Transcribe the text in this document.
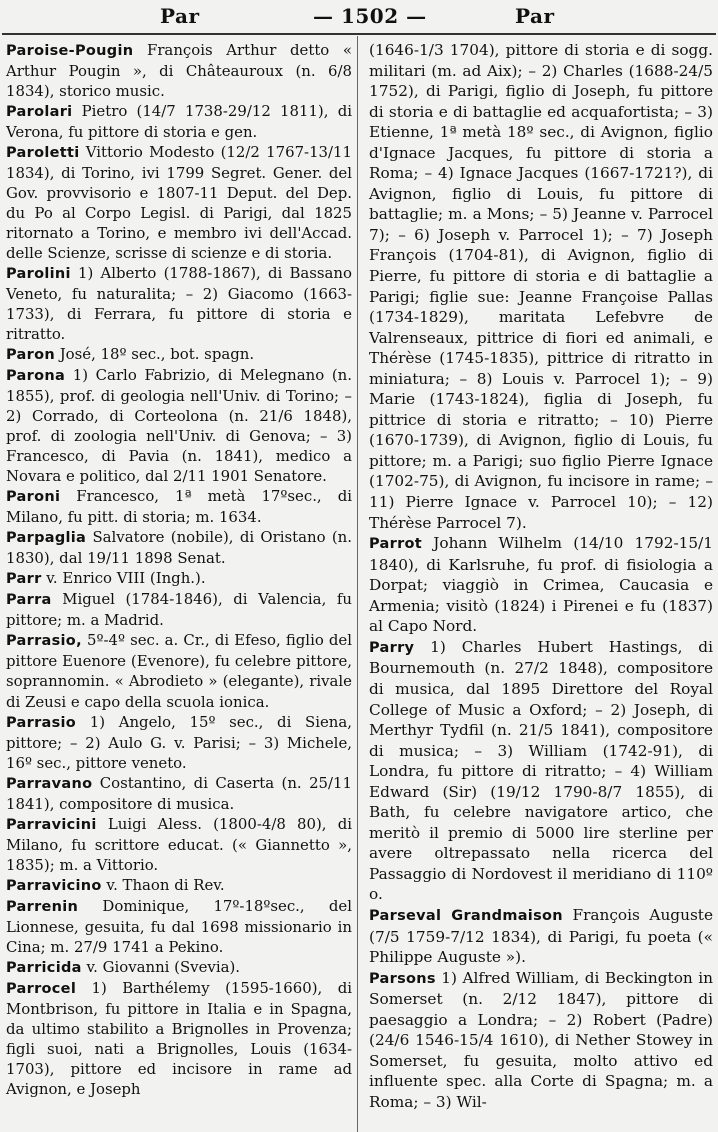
Par	— 1502 —	Par

Paroise-Pougin François Arthur detto « Arthur Pougin », di Châteauroux (n. 6/8 1834), storico music.

Parolari Pietro (14/7 1738-29/12 1811), di Verona, fu pittore di storia e gen.

Paroletti Vittorio Modesto (12/2 1767-13/11 1834), di Torino, ivi 1799 Segret. Gener. del Gov. provvisorio e 1807-11 Deput. del Dep. du Po al Corpo Legisl. di Parigi, dal 1825 ritornato a Torino, e membro ivi dell'Accad. delle Scienze, scrisse di scienze e di storia.

Parolini 1) Alberto (1788-1867), di Bassano Veneto, fu naturalita; – 2) Giacomo (1663-1733), di Ferrara, fu pittore di storia e ritratto.

Paron José, 18º sec., bot. spagn.

Parona 1) Carlo Fabrizio, di Melegnano (n. 1855), prof. di geologia nell'Univ. di Torino; – 2) Corrado, di Corteolona (n. 21/6 1848), prof. di zoologia nell'Univ. di Genova; – 3) Francesco, di Pavia (n. 1841), medico a Novara e politico, dal 2/11 1901 Senatore.

Paroni Francesco, 1ª metà 17ºsec., di Milano, fu pitt. di storia; m. 1634.

Parpaglia Salvatore (nobile), di Oristano (n. 1830), dal 19/11 1898 Senat.

Parr v. Enrico VIII (Ingh.).

Parra Miguel (1784-1846), di Valencia, fu pittore; m. a Madrid.

Parrasio, 5º-4º sec. a. Cr., di Efeso, figlio del pittore Euenore (Evenore), fu celebre pittore, soprannomin. « Abrodieto » (elegante), rivale di Zeusi e capo della scuola ionica.

Parrasio 1) Angelo, 15º sec., di Siena, pittore; – 2) Aulo G. v. Parisi; – 3) Michele, 16º sec., pittore veneto.

Parravano Costantino, di Caserta (n. 25/11 1841), compositore di musica.

Parravicini Luigi Aless. (1800-4/8 80), di Milano, fu scrittore educat. (« Giannetto », 1835); m. a Vittorio.

Parravicino v. Thaon di Rev.

Parrenin Dominique, 17º-18ºsec., del Lionnese, gesuita, fu dal 1698 missionario in Cina; m. 27/9 1741 a Pekino.

Parricida v. Giovanni (Svevia).

Parrocel 1) Barthélemy (1595-1660), di Montbrison, fu pittore in Italia e in Spagna, da ultimo stabilito a Brignolles in Provenza; figli suoi, nati a Brignolles, Louis (1634-1703), pittore ed incisore in rame ad Avignon, e Joseph

(1646-1/3 1704), pittore di storia e di sogg. militari (m. ad Aix); – 2) Charles (1688-24/5 1752), di Parigi, figlio di Joseph, fu pittore di storia e di battaglie ed acquafortista; – 3) Etienne, 1ª metà 18º sec., di Avignon, figlio d'Ignace Jacques, fu pittore di storia a Roma; – 4) Ignace Jacques (1667-1721?), di Avignon, figlio di Louis, fu pittore di battaglie; m. a Mons; – 5) Jeanne v. Parrocel 7); – 6) Joseph v. Parrocel 1); – 7) Joseph François (1704-81), di Avignon, figlio di Pierre, fu pittore di storia e di battaglie a Parigi; figlie sue: Jeanne Françoise Pallas (1734-1829), maritata Lefebvre de Valrenseaux, pittrice di fiori ed animali, e Thérèse (1745-1835), pittrice di ritratto in miniatura; – 8) Louis v. Parrocel 1); – 9) Marie (1743-1824), figlia di Joseph, fu pittrice di storia e ritratto; – 10) Pierre (1670-1739), di Avignon, figlio di Louis, fu pittore; m. a Parigi; suo figlio Pierre Ignace (1702-75), di Avignon, fu incisore in rame; – 11) Pierre Ignace v. Parrocel 10); – 12) Thérèse Parrocel 7).

Parrot Johann Wilhelm (14/10 1792-15/1 1840), di Karlsruhe, fu prof. di fisiologia a Dorpat; viaggiò in Crimea, Caucasia e Armenia; visitò (1824) i Pirenei e fu (1837) al Capo Nord.

Parry 1) Charles Hubert Hastings, di Bournemouth (n. 27/2 1848), compositore di musica, dal 1895 Direttore del Royal College of Music a Oxford; – 2) Joseph, di Merthyr Tydfil (n. 21/5 1841), compositore di musica; – 3) William (1742-91), di Londra, fu pittore di ritratto; – 4) William Edward (Sir) (19/12 1790-8/7 1855), di Bath, fu celebre navigatore artico, che meritò il premio di 5000 lire sterline per avere oltrepassato nella ricerca del Passaggio di Nordovest il meridiano di 110º o.

Parseval Grandmaison François Auguste (7/5 1759-7/12 1834), di Parigi, fu poeta (« Philippe Auguste »).

Parsons 1) Alfred William, di Beckington in Somerset (n. 2/12 1847), pittore di paesaggio a Londra; – 2) Robert (Padre) (24/6 1546-15/4 1610), di Nether Stowey in Somerset, fu gesuita, molto attivo ed influente spec. alla Corte di Spagna; m. a Roma; – 3) Wil-
